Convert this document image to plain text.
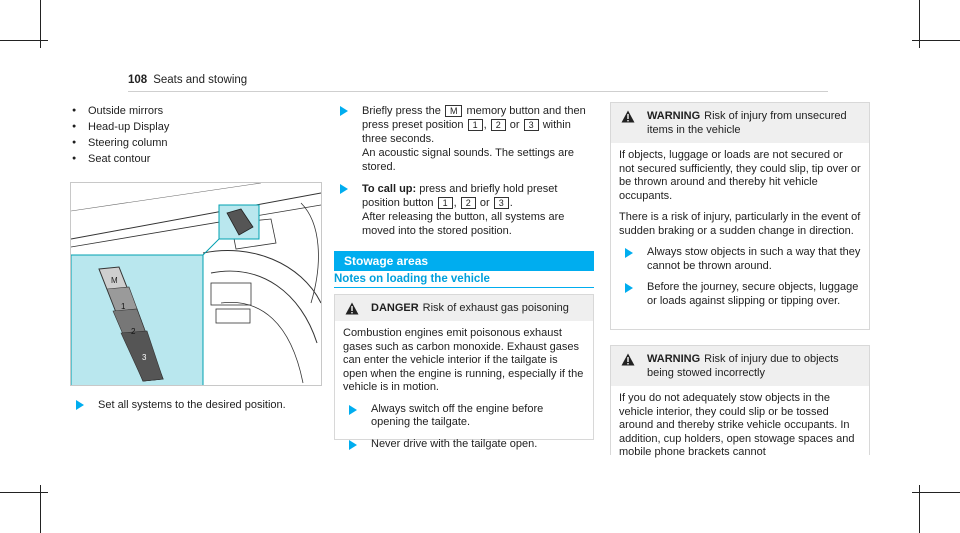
108 Seats and stowing
● Outside mirrors
● Head-up Display
● Steering column
● Seat contour
M
1
2
3
Set all systems to the desired position.
Briefly press the M memory button and then press preset position 1 , 2 or 3 within three seconds.
An acoustic signal sounds. The settings are stored.
To call up: press and briefly hold preset position button 1 , 2 or 3 .
After releasing the button, all systems are moved into the stored position.
Stowage areas
Notes on loading the vehicle
DANGER Risk of exhaust gas poisoning

Combustion engines emit poisonous exhaust gases such as carbon monoxide. Exhaust gases can enter the vehicle interior if the tailgate is open when the engine is running, especially if the vehicle is in motion.

Always switch off the engine before opening the tailgate.
Never drive with the tailgate open.
WARNING Risk of injury from unsecured items in the vehicle

If objects, luggage or loads are not secured or not secured sufficiently, they could slip, tip over or be thrown around and thereby hit vehicle occupants.

There is a risk of injury, particularly in the event of sudden braking or a sudden change in direction.

Always stow objects in such a way that they cannot be thrown around.
Before the journey, secure objects, luggage or loads against slipping or tipping over.
WARNING Risk of injury due to objects being stowed incorrectly

If you do not adequately stow objects in the vehicle interior, they could slip or be tossed around and thereby strike vehicle occupants. In addition, cup holders, open stowage spaces and mobile phone brackets cannot
